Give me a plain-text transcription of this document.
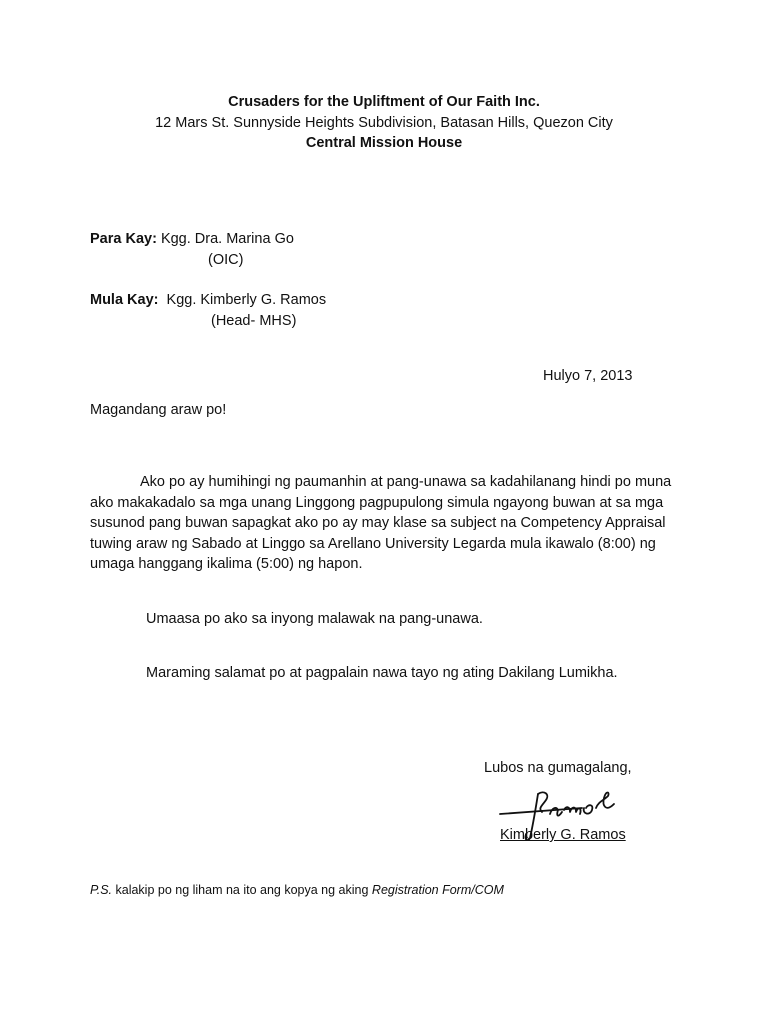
Crusaders for the Upliftment of Our Faith Inc.
12 Mars St. Sunnyside Heights Subdivision, Batasan Hills, Quezon City
Central Mission House
Para Kay: Kgg. Dra. Marina Go
(OIC)
Mula Kay: Kgg. Kimberly G. Ramos
(Head- MHS)
Hulyo 7, 2013
Magandang araw po!
Ako po ay humihingi ng paumanhin at pang-unawa sa kadahilanang hindi po muna ako makakadalo sa mga unang Linggong pagpupulong simula ngayong buwan at sa mga susunod pang buwan sapagkat ako po ay may klase sa subject na Competency Appraisal tuwing araw ng Sabado at Linggo sa Arellano University Legarda mula ikawalo (8:00) ng umaga hanggang ikalima (5:00) ng hapon.
Umaasa po ako sa inyong malawak na pang-unawa.
Maraming salamat po at pagpalain nawa tayo ng ating Dakilang Lumikha.
Lubos na gumagalang,
Kimberly G. Ramos
P.S. kalakip po ng liham na ito ang kopya ng aking Registration Form/COM
